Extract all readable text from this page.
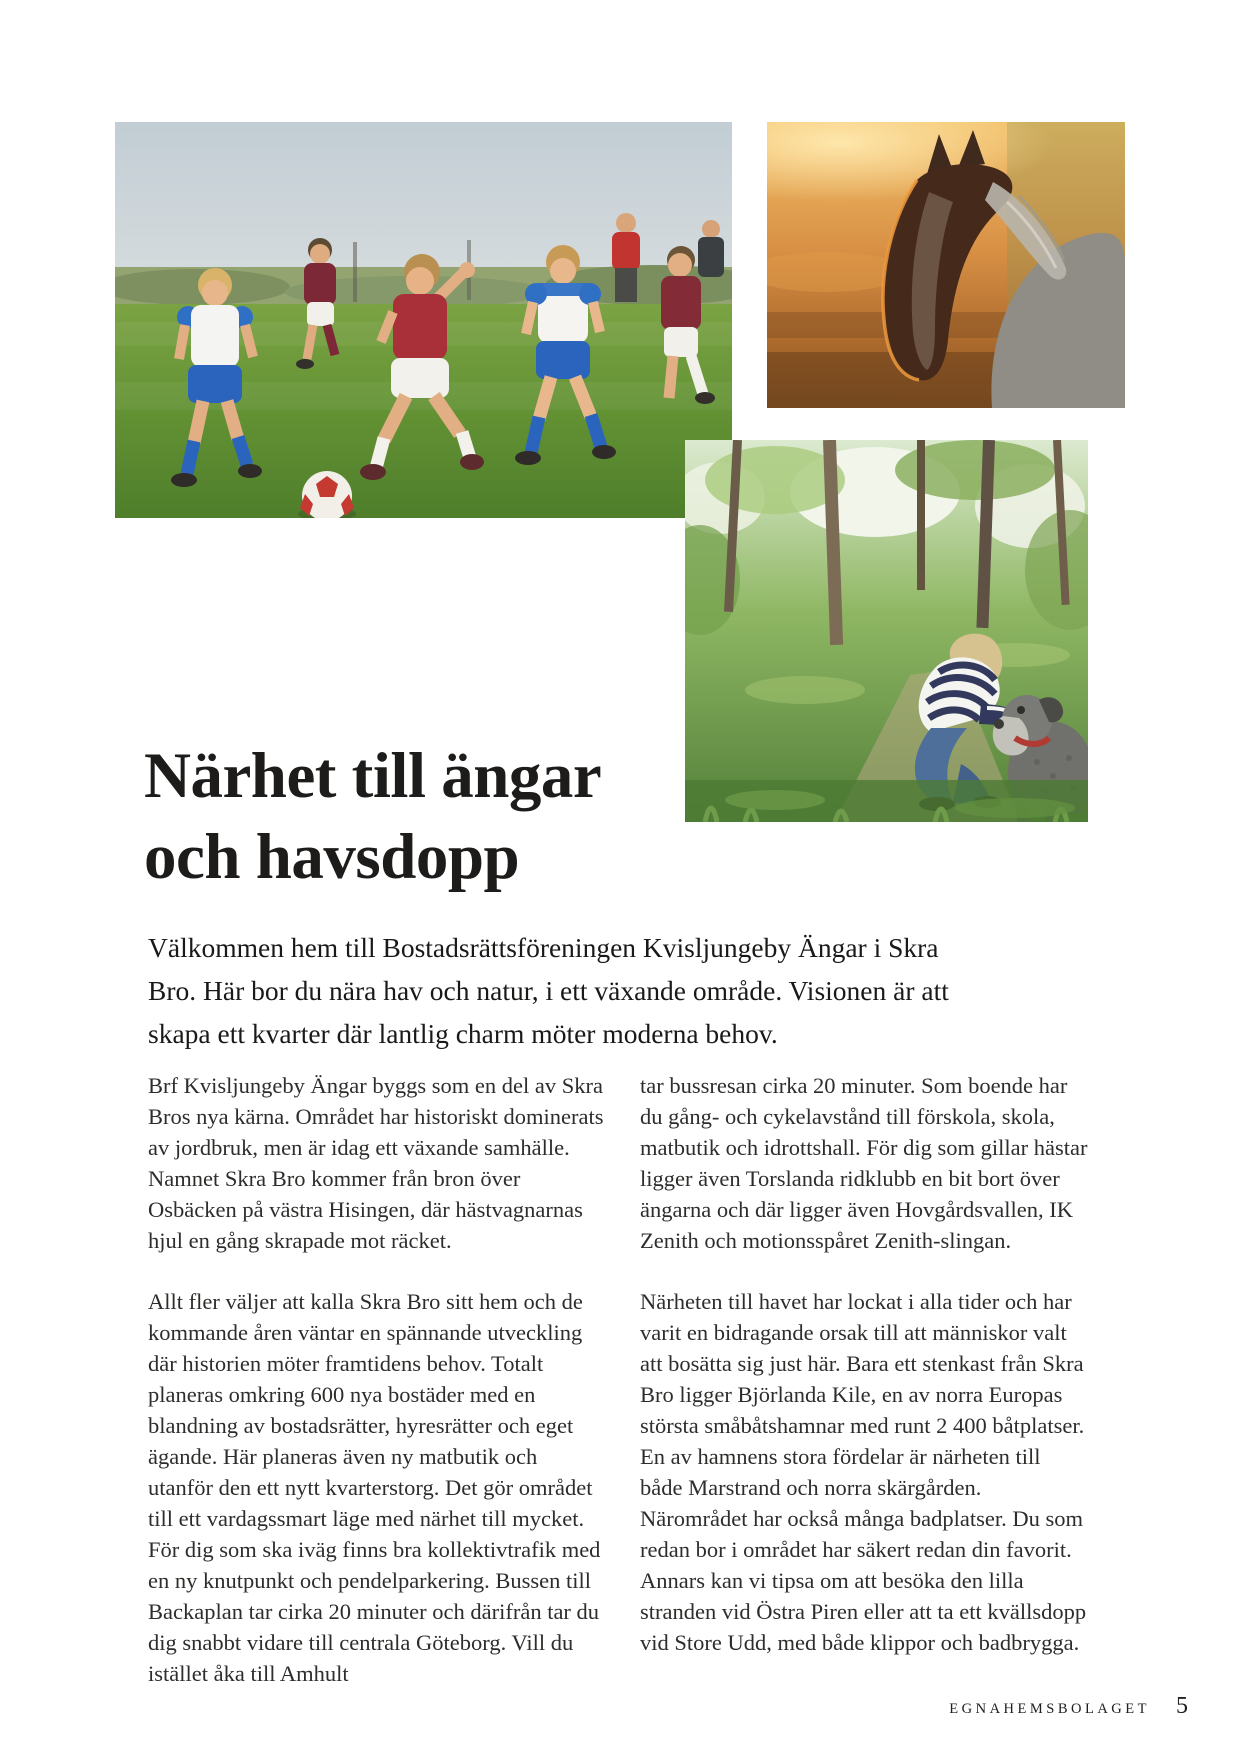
Närhet till ängar
och havsdopp

Välkommen hem till Bostadsrättsföreningen Kvisljungeby Ängar i Skra Bro. Här bor du nära hav och natur, i ett växande område. Visionen är att skapa ett kvarter där lantlig charm möter moderna behov.

Brf Kvisljungeby Ängar byggs som en del av Skra Bros nya kärna. Området har historiskt dominerats av jordbruk, men är idag ett växande samhälle. Namnet Skra Bro kommer från bron över Osbäcken på västra Hisingen, där hästvagnarnas hjul en gång skrapade mot räcket.

Allt fler väljer att kalla Skra Bro sitt hem och de kommande åren väntar en spännande utveckling där historien möter framtidens behov. Totalt planeras omkring 600 nya bostäder med en blandning av bostadsrätter, hyresrätter och eget ägande. Här planeras även ny matbutik och utanför den ett nytt kvarterstorg. Det gör området till ett vardagssmart läge med närhet till mycket. För dig som ska iväg finns bra kollektivtrafik med en ny knutpunkt och pendelparkering. Bussen till Backaplan tar cirka 20 minuter och därifrån tar du dig snabbt vidare till centrala Göteborg. Vill du istället åka till Amhult

tar bussresan cirka 20 minuter. Som boende har du gång- och cykelavstånd till förskola, skola, matbutik och idrottshall. För dig som gillar hästar ligger även Torslanda ridklubb en bit bort över ängarna och där ligger även Hovgårdsvallen, IK Zenith och motionsspåret Zenith-slingan.

Närheten till havet har lockat i alla tider och har varit en bidragande orsak till att människor valt att bosätta sig just här. Bara ett stenkast från Skra Bro ligger Björlanda Kile, en av norra Europas största småbåtshamnar med runt 2 400 båtplatser. En av hamnens stora fördelar är närheten till både Marstrand och norra skärgården. Närområdet har också många badplatser. Du som redan bor i området har säkert redan din favorit. Annars kan vi tipsa om att besöka den lilla stranden vid Östra Piren eller att ta ett kvällsdopp vid Store Udd, med både klippor och badbrygga.

EGNAHEMSBOLAGET 5
